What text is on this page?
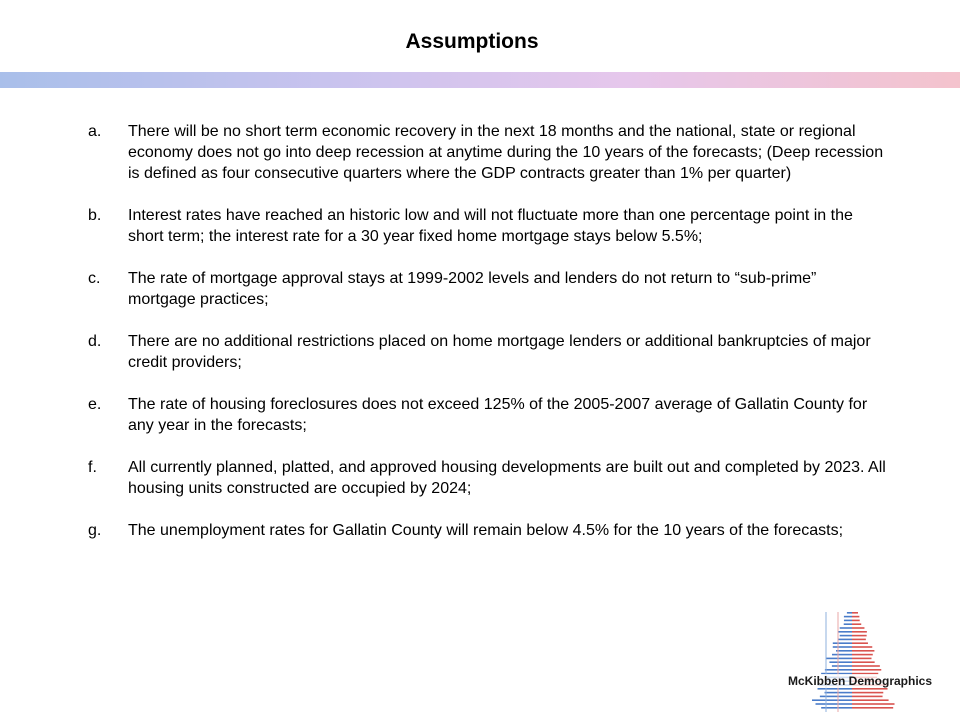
Assumptions
a.	There will be no short term economic recovery in the next 18 months and the national, state or regional economy does not go into deep recession at anytime during the 10 years of the forecasts; (Deep recession is defined as four consecutive quarters where the GDP contracts greater than 1% per quarter)
b.	Interest rates have reached an historic low and will not fluctuate more than one percentage point in the short term; the interest rate for a 30 year fixed home mortgage stays below 5.5%;
c.	The rate of mortgage approval stays at 1999-2002 levels and lenders do not return to “sub-prime” mortgage practices;
d.	There are no additional restrictions placed on home mortgage lenders or additional bankruptcies of major credit providers;
e.	The rate of housing foreclosures does not exceed 125% of the 2005-2007 average of Gallatin County for any year in the forecasts;
f.	All currently planned, platted, and approved housing developments are built out and completed by 2023. All housing units constructed are occupied by 2024;
g.	The unemployment rates for Gallatin County will remain below 4.5% for the 10 years of the forecasts;
McKibben Demographics
